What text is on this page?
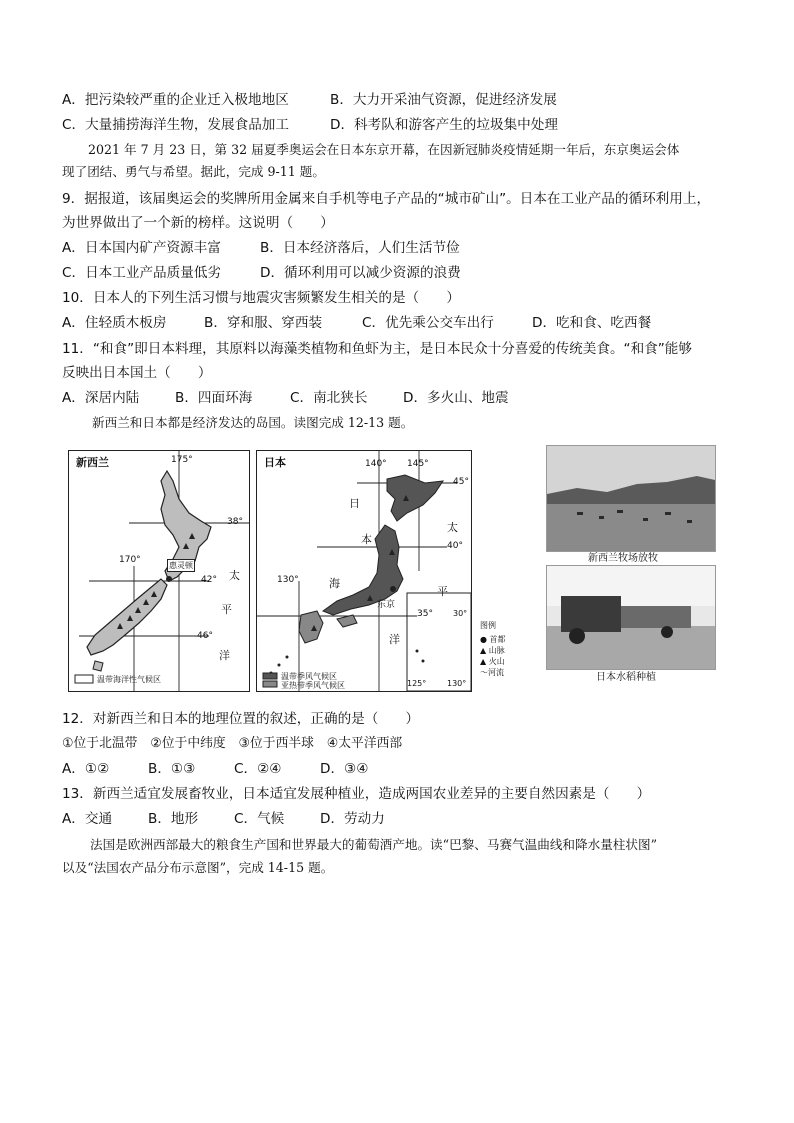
A．把污染较严重的企业迁入极地地区	B．大力开采油气资源，促进经济发展
C．大量捕捞海洋生物，发展食品加工	D．科考队和游客产生的垃圾集中处理
2021 年 7 月 23 日，第 32 届夏季奥运会在日本东京开幕，在因新冠肺炎疫情延期一年后，东京奥运会体
现了团结、勇气与希望。据此，完成 9-11 题。
9．据报道，该届奥运会的奖牌所用金属来自手机等电子产品的“城市矿山”。日本在工业产品的循环利用上，
为世界做出了一个新的榜样。这说明（　　）
A．日本国内矿产资源丰富	B．日本经济落后，人们生活节俭
C．日本工业产品质量低劣	D．循环利用可以减少资源的浪费
10．日本人的下列生活习惯与地震灾害频繁发生相关的是（　　）
A．住轻质木板房	B．穿和服、穿西装	C．优先乘公交车出行	D．吃和食、吃西餐
11．“和食”即日本料理，其原料以海藻类植物和鱼虾为主，是日本民众十分喜爱的传统美食。“和食”能够
反映出日本国土（　　）
A．深居内陆	B．四面环海	C．南北狭长	D．多火山、地震
新西兰和日本都是经济发达的岛国。读图完成 12-13 题。
新西兰	175°
170°
38°
42°
46°
惠灵顿
太
平
洋
温带海洋性气候区
日本	140° 145°
130°
125°	130°
45°
40°
35°	30°
日
本
海
东京
太
平
洋
温带季风气候区
亚热带季风气候区
图例
● 首都
▲ 山脉
▲ 火山
〜河流
新西兰牧场放牧
日本水稻种植
12．对新西兰和日本的地理位置的叙述，正确的是（　　）
①位于北温带　②位于中纬度　③位于西半球　④太平洋西部
A．①②	B．①③	C．②④	D．③④
13．新西兰适宜发展畜牧业，日本适宜发展种植业，造成两国农业差异的主要自然因素是（　　）
A．交通	B．地形	C．气候	D．劳动力
法国是欧洲西部最大的粮食生产国和世界最大的葡萄酒产地。读“巴黎、马赛气温曲线和降水量柱状图”
以及“法国农产品分布示意图”，完成 14-15 题。
